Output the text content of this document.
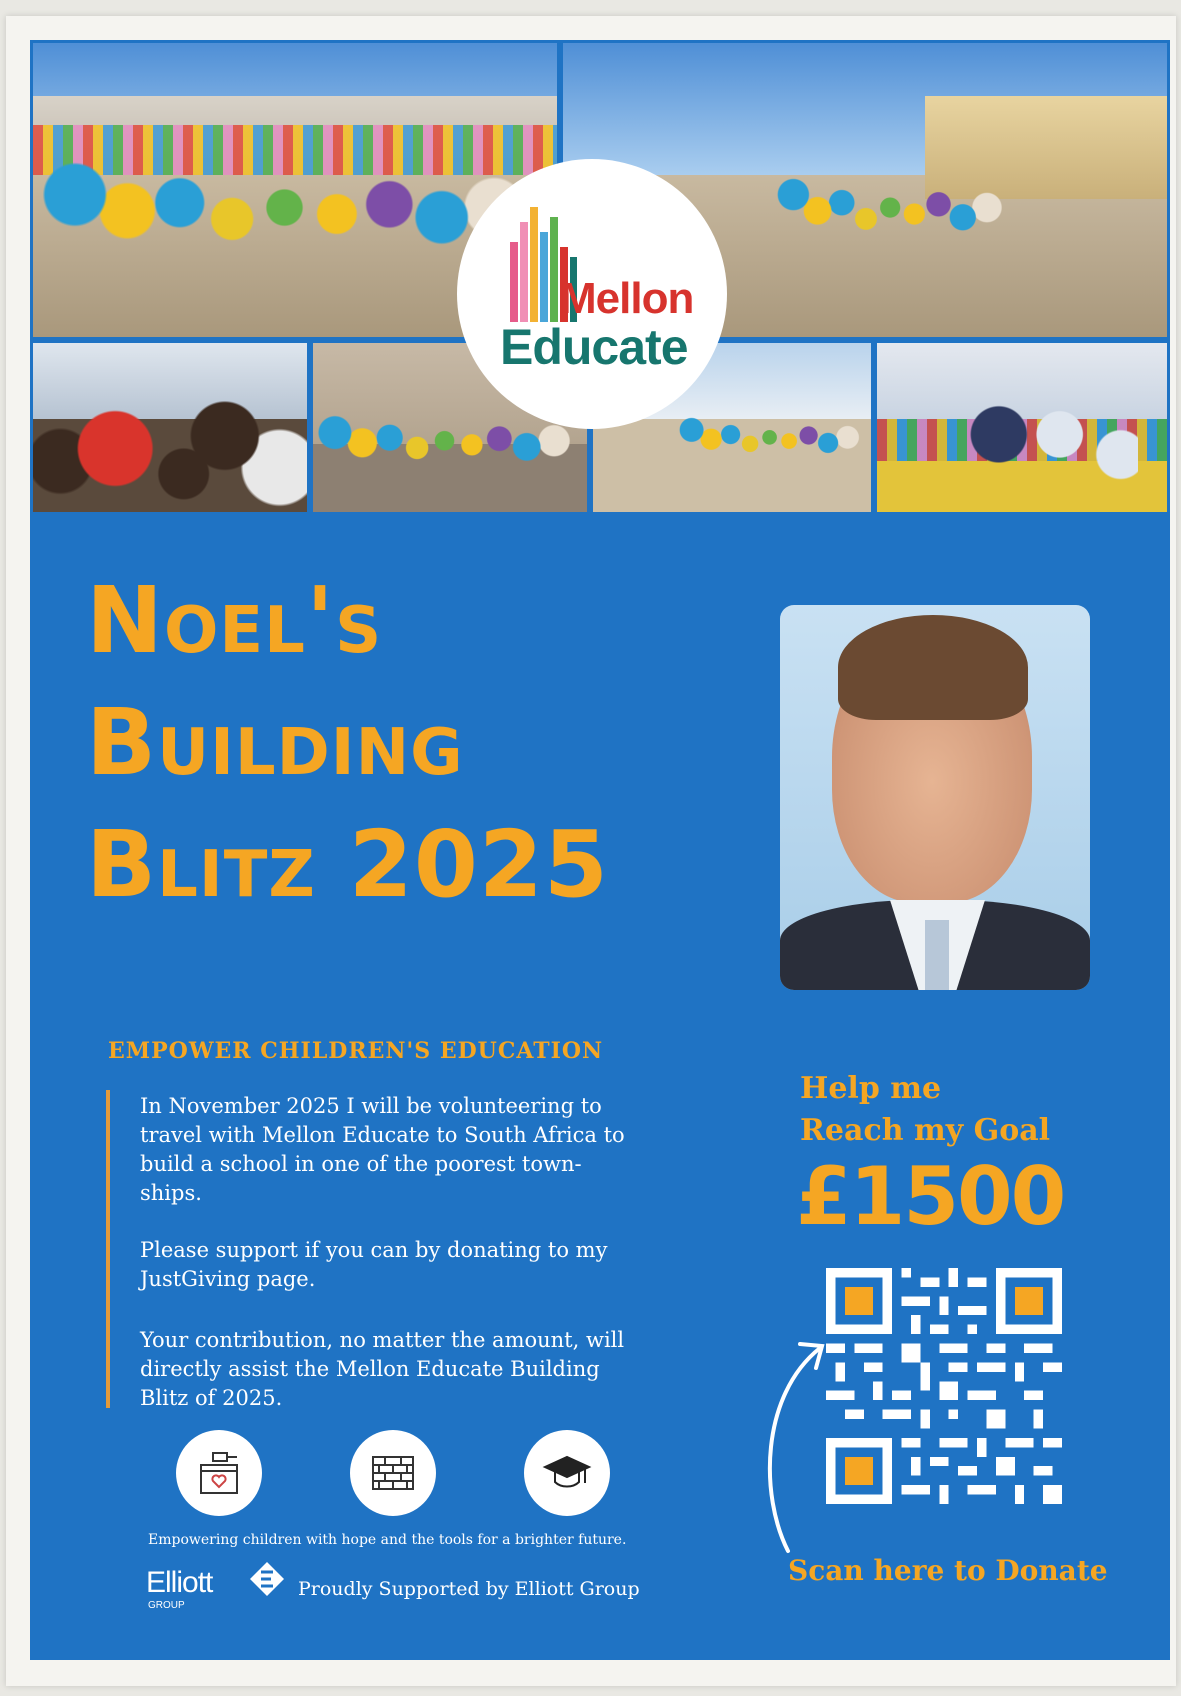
Mellon
Educate
Noel's
Building
Blitz 2025
EMPOWER CHILDREN'S EDUCATION

In November 2025 I will be volunteering to travel with Mellon Educate to South Africa to build a school in one of the poorest town-ships.

Please support if you can by donating to my JustGiving page.

Your contribution, no matter the amount, will directly assist the Mellon Educate Building Blitz of 2025.

Empowering children with hope and the tools for a brighter future.
Elliott
GROUP
Proudly Supported by Elliott Group
Help me
Reach my Goal
£1500
Scan here to Donate
